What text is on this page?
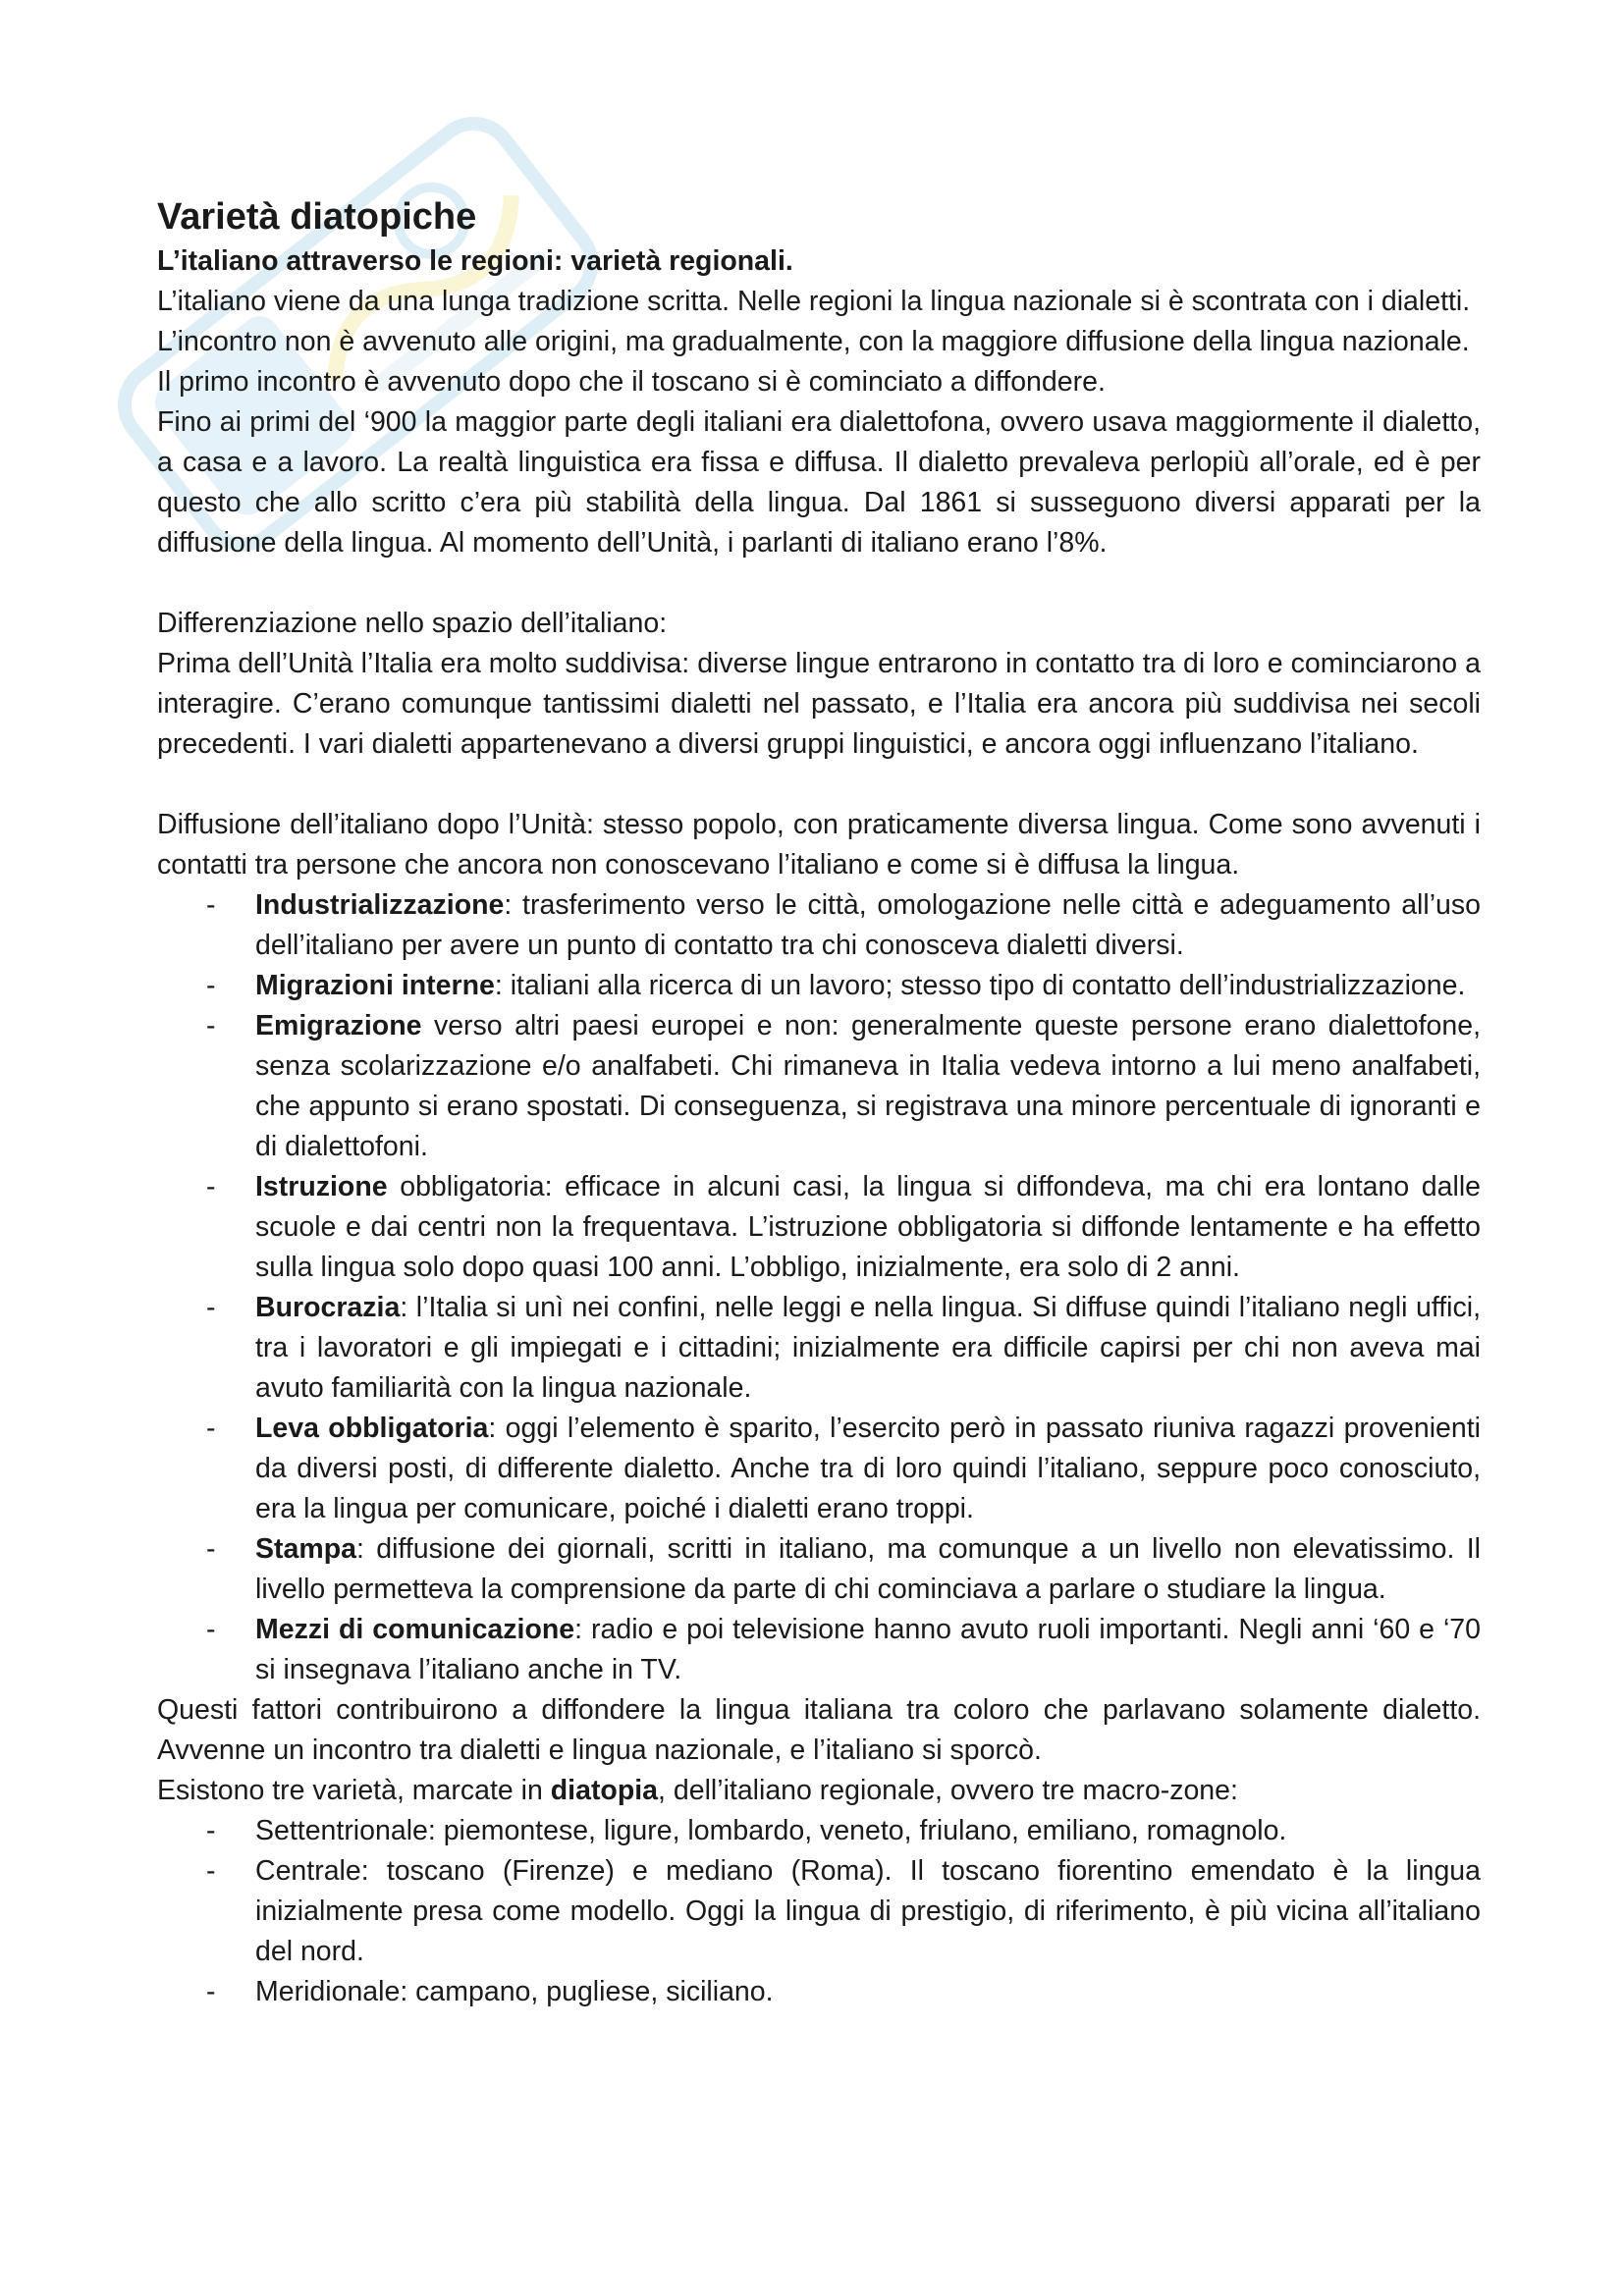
Varietà diatopiche

L’italiano attraverso le regioni: varietà regionali.

L’italiano viene da una lunga tradizione scritta. Nelle regioni la lingua nazionale si è scontrata con i dialetti. L’incontro non è avvenuto alle origini, ma gradualmente, con la maggiore diffusione della lingua nazionale. Il primo incontro è avvenuto dopo che il toscano si è cominciato a diffondere.

Fino ai primi del ‘900 la maggior parte degli italiani era dialettofona, ovvero usava maggiormente il dialetto, a casa e a lavoro. La realtà linguistica era fissa e diffusa. Il dialetto prevaleva perlopiù all’orale, ed è per questo che allo scritto c’era più stabilità della lingua. Dal 1861 si susseguono diversi apparati per la diffusione della lingua. Al momento dell’Unità, i parlanti di italiano erano l’8%.

Differenziazione nello spazio dell’italiano:

Prima dell’Unità l’Italia era molto suddivisa: diverse lingue entrarono in contatto tra di loro e cominciarono a interagire. C’erano comunque tantissimi dialetti nel passato, e l’Italia era ancora più suddivisa nei secoli precedenti. I vari dialetti appartenevano a diversi gruppi linguistici, e ancora oggi influenzano l’italiano.

Diffusione dell’italiano dopo l’Unità: stesso popolo, con praticamente diversa lingua. Come sono avvenuti i contatti tra persone che ancora non conoscevano l’italiano e come si è diffusa la lingua.

- Industrializzazione: trasferimento verso le città, omologazione nelle città e adeguamento all’uso dell’italiano per avere un punto di contatto tra chi conosceva dialetti diversi.
- Migrazioni interne: italiani alla ricerca di un lavoro; stesso tipo di contatto dell’industrializzazione.
- Emigrazione verso altri paesi europei e non: generalmente queste persone erano dialettofone, senza scolarizzazione e/o analfabeti. Chi rimaneva in Italia vedeva intorno a lui meno analfabeti, che appunto si erano spostati. Di conseguenza, si registrava una minore percentuale di ignoranti e di dialettofoni.
- Istruzione obbligatoria: efficace in alcuni casi, la lingua si diffondeva, ma chi era lontano dalle scuole e dai centri non la frequentava. L’istruzione obbligatoria si diffonde lentamente e ha effetto sulla lingua solo dopo quasi 100 anni. L’obbligo, inizialmente, era solo di 2 anni.
- Burocrazia: l’Italia si unì nei confini, nelle leggi e nella lingua. Si diffuse quindi l’italiano negli uffici, tra i lavoratori e gli impiegati e i cittadini; inizialmente era difficile capirsi per chi non aveva mai avuto familiarità con la lingua nazionale.
- Leva obbligatoria: oggi l’elemento è sparito, l’esercito però in passato riuniva ragazzi provenienti da diversi posti, di differente dialetto. Anche tra di loro quindi l’italiano, seppure poco conosciuto, era la lingua per comunicare, poiché i dialetti erano troppi.
- Stampa: diffusione dei giornali, scritti in italiano, ma comunque a un livello non elevatissimo. Il livello permetteva la comprensione da parte di chi cominciava a parlare o studiare la lingua.
- Mezzi di comunicazione: radio e poi televisione hanno avuto ruoli importanti. Negli anni ‘60 e ‘70 si insegnava l’italiano anche in TV.

Questi fattori contribuirono a diffondere la lingua italiana tra coloro che parlavano solamente dialetto. Avvenne un incontro tra dialetti e lingua nazionale, e l’italiano si sporcò.

Esistono tre varietà, marcate in diatopia, dell’italiano regionale, ovvero tre macro-zone:

- Settentrionale: piemontese, ligure, lombardo, veneto, friulano, emiliano, romagnolo.
- Centrale: toscano (Firenze) e mediano (Roma). Il toscano fiorentino emendato è la lingua inizialmente presa come modello. Oggi la lingua di prestigio, di riferimento, è più vicina all’italiano del nord.
- Meridionale: campano, pugliese, siciliano.
